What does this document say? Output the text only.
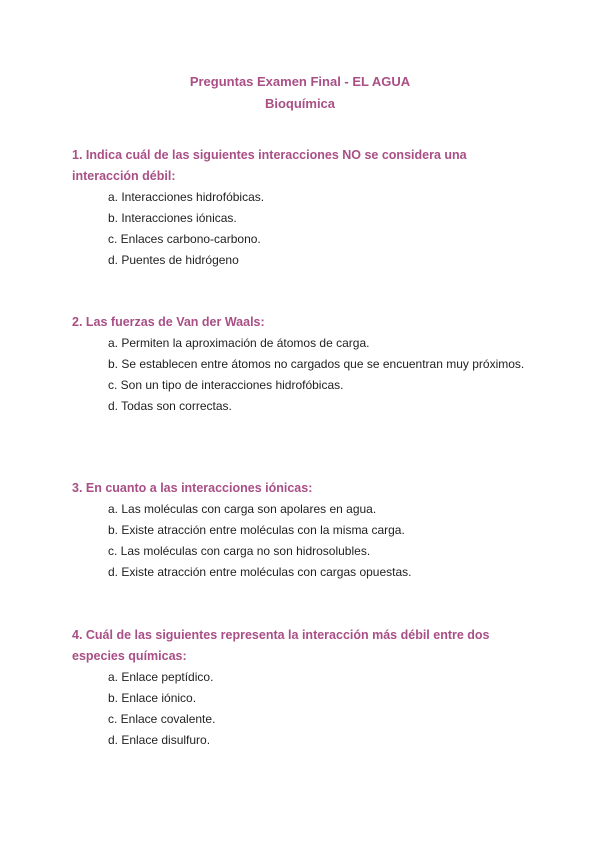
Preguntas Examen Final - EL AGUA
Bioquímica

1. Indica cuál de las siguientes interacciones NO se considera una interacción débil:

a. Interacciones hidrofóbicas.
b. Interacciones iónicas.
c. Enlaces carbono-carbono.
d. Puentes de hidrógeno

2. Las fuerzas de Van der Waals:

a. Permiten la aproximación de átomos de carga.
b. Se establecen entre átomos no cargados que se encuentran muy próximos.
c. Son un tipo de interacciones hidrofóbicas.
d. Todas son correctas.

3. En cuanto a las interacciones iónicas:

a. Las moléculas con carga son apolares en agua.
b. Existe atracción entre moléculas con la misma carga.
c. Las moléculas con carga no son hidrosolubles.
d. Existe atracción entre moléculas con cargas opuestas.

4. Cuál de las siguientes representa la interacción más débil entre dos especies químicas:

a. Enlace peptídico.
b. Enlace iónico.
c. Enlace covalente.
d. Enlace disulfuro.
